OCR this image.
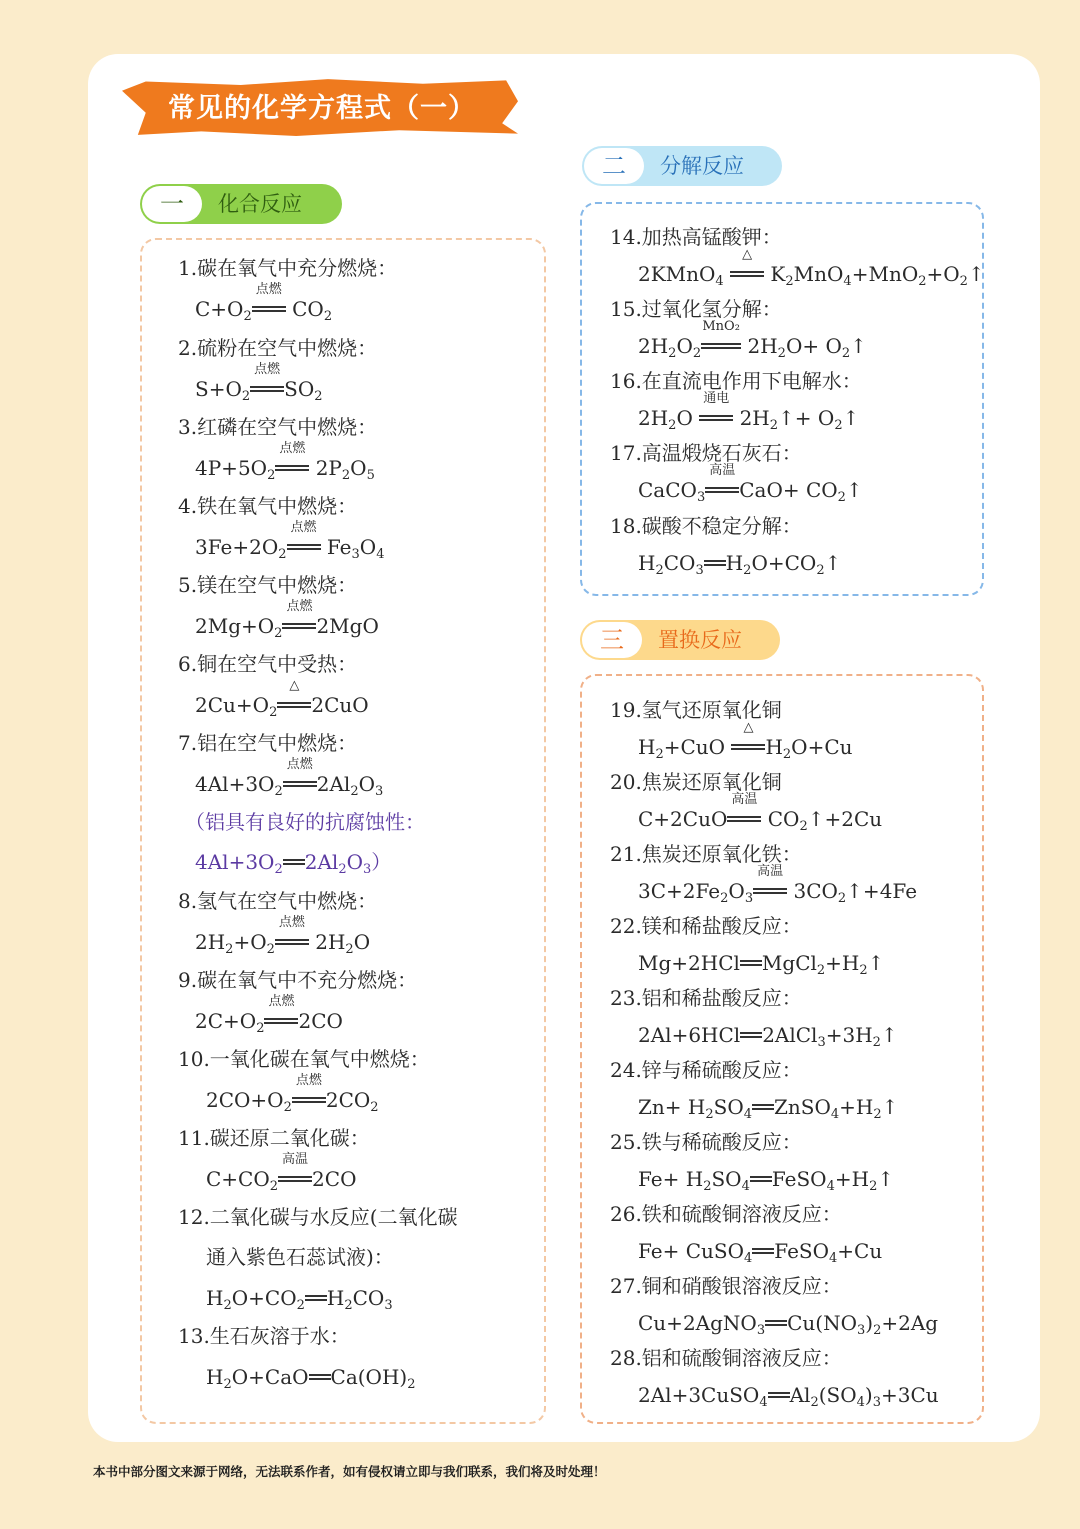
常见的化学方程式（一）
一	化合反应
二	分解反应
三	置换反应
1.碳在氧气中充分燃烧：
$C+O_2$
点燃
$CO_2$
2.硫粉在空气中燃烧：
$S+O_2$
点燃
$SO_2$
3.红磷在空气中燃烧：
$4P+5O_2$
点燃
$2P_2O_5$
4.铁在氧气中燃烧：
$3Fe+2O_2$
点燃
$Fe_3O_4$
5.镁在空气中燃烧：
$2Mg+O_2$
点燃
2MgO
6.铜在空气中受热：
$2Cu+O_2$
△
2CuO
7.铝在空气中燃烧：
$4Al+3O_2$
点燃
$2Al_2O_3$
（铝具有良好的抗腐蚀性：
$4Al+3O_2$ $2Al_2O_3$）
8.氢气在空气中燃烧：
$2H_2+O_2$
点燃
$2H_2O$
9.碳在氧气中不充分燃烧：
$2C+O_2$
点燃
2CO
10.一氧化碳在氧气中燃烧：
$2CO+O_2$
点燃
$2CO_2$
11.碳还原二氧化碳：
$C+CO_2$
高温
2CO
12.二氧化碳与水反应(二氧化碳
通入紫色石蕊试液)：
$H_2O+CO_2$ $H_2CO_3$
13.生石灰溶于水：
$H_2O+CaO$ $Ca(OH)_2$
14.加热高锰酸钾：
2KMnO$_4$
△
$K_2MnO_4+MnO_2+O_2↑$
15.过氧化氢分解：
$2H_2O_2$
MnO₂
$2H_2O+$ $O_2↑$
16.在直流电作用下电解水：
$2H_2O$
通电
$2H_2↑+$ $O_2↑$
17.高温煅烧石灰石：
CaCO$_3$
高温
$CaO+ CO_2↑$
18.碳酸不稳定分解：
$H_2CO_3$ $H_2O+CO_2↑$
19.氢气还原氧化铜
$H_2+CuO$
△
$H_2O+Cu$
20.焦炭还原氧化铜
C+2CuO
高温
$CO_2↑+2Cu$
21.焦炭还原氧化铁：
$3C+2Fe_2O_3$
高温
$3CO_2↑+4Fe$
22.镁和稀盐酸反应：
Mg+2HCl $MgCl_2+H_2↑$
23.铝和稀盐酸反应：
2Al+6HCl $2AlCl_3+3H_2↑$
24.锌与稀硫酸反应：
$Zn+ H_2SO_4$ $ZnSO_4+H_2↑$
25.铁与稀硫酸反应：
$Fe+ H_2SO_4$ $FeSO_4+H_2↑$
26.铁和硫酸铜溶液反应：
Fe+ CuSO$_4$ FeSO$_4$+Cu
27.铜和硝酸银溶液反应：
Cu+2AgNO$_3$ $Cu(NO_3)_2+2Ag$
28.铝和硫酸铜溶液反应：
2Al+3CuSO$_4$ $Al_2(SO_4)_3+3Cu$
本书中部分图文来源于网络，无法联系作者，如有侵权请立即与我们联系，我们将及时处理！
